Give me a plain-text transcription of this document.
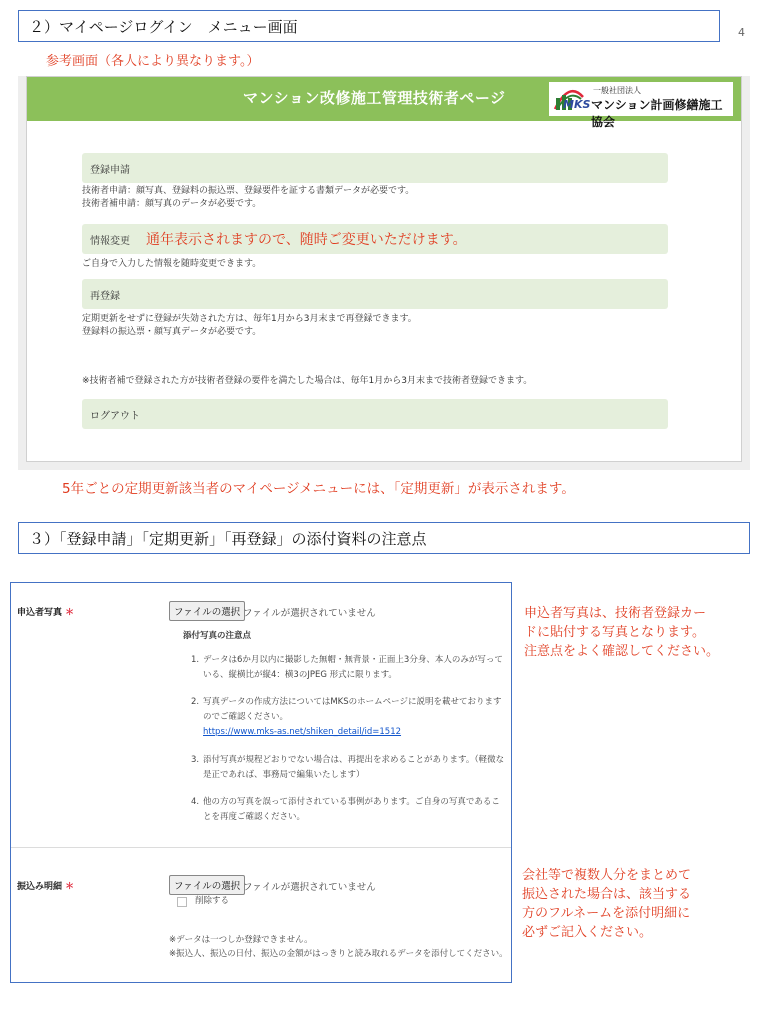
２）マイページログイン　メニュー画面	4
参考画面（各人により異なります。）
マンション改修施工管理技術者ページ	MKS
一般社団法人
マンション計画修繕施工協会
登録申請
技術者申請：顔写真、登録料の振込票、登録要件を証する書類データが必要です。
技術者補申請：顔写真のデータが必要です。
情報変更 通年表示されますので、随時ご変更いただけます。
ご自身で入力した情報を随時変更できます。
再登録
定期更新をせずに登録が失効された方は、毎年1月から3月末まで再登録できます。
登録料の振込票・顔写真データが必要です。
※技術者補で登録された方が技術者登録の要件を満たした場合は、毎年1月から3月末まで技術者登録できます。
ログアウト
5年ごとの定期更新該当者のマイページメニューには、「定期更新」が表示されます。
３）「登録申請」「定期更新」「再登録」の添付資料の注意点
申込者写真 ＊	ファイルの選択 ファイルが選択されていません
添付写真の注意点
1. データは6か月以内に撮影した無帽・無背景・正面上3分身、本人のみが写っている、縦横比が縦4：横3のJPEG 形式に限ります。
2. 写真データの作成方法についてはMKSのホームページに説明を載せておりますのでご確認ください。
https://www.mks-as.net/shiken_detail/id=1512
3. 添付写真が規程どおりでない場合は、再提出を求めることがあります。（軽微な是正であれば、事務局で編集いたします）
4. 他の方の写真を誤って添付されている事例があります。ご自身の写真であることを再度ご確認ください。
振込み明細 ＊	ファイルの選択 ファイルが選択されていません
削除する
※データは一つしか登録できません。
※振込人、振込の日付、振込の金額がはっきりと読み取れるデータを添付してください。
申込者写真は、技術者登録カー
ドに貼付する写真となります。
注意点をよく確認してください。
会社等で複数人分をまとめて
振込された場合は、該当する
方のフルネームを添付明細に
必ずご記入ください。
